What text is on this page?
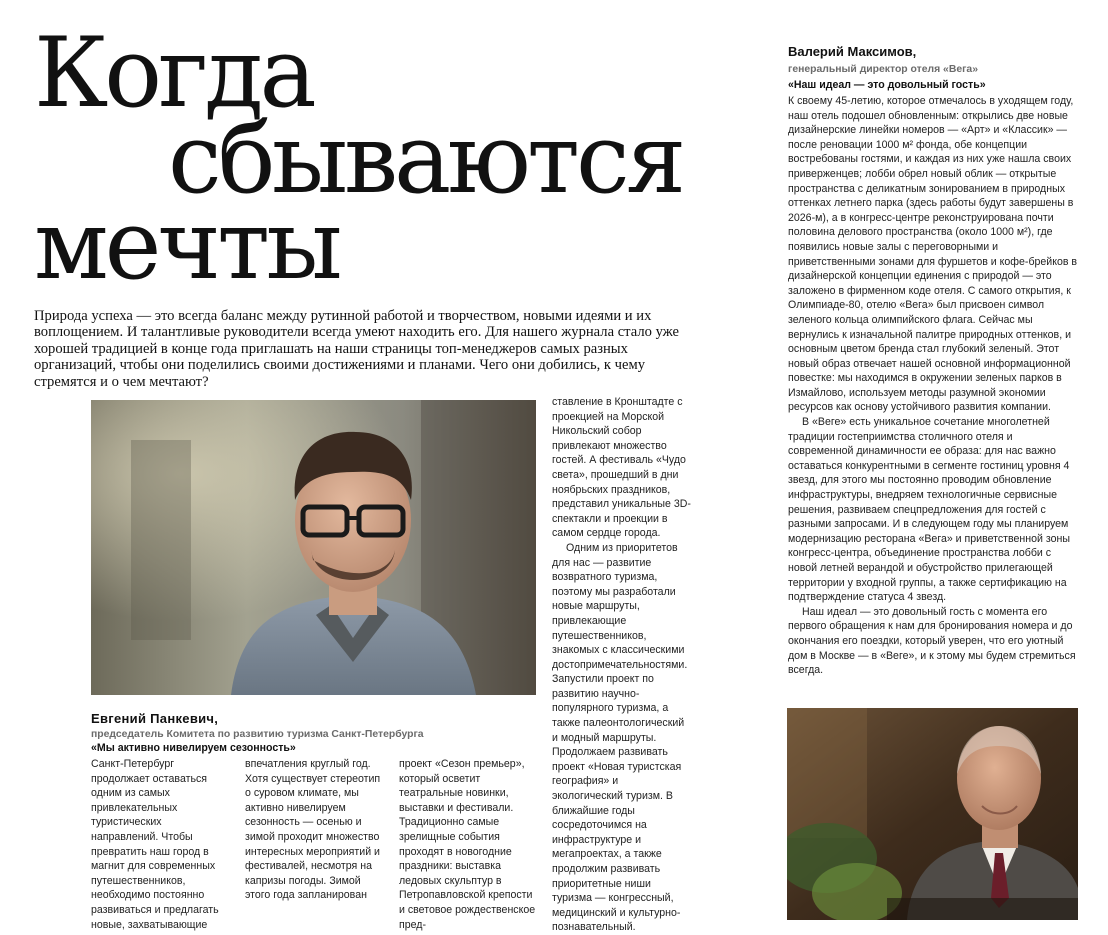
Когда
сбываются
мечты

Природа успеха — это всегда баланс между рутинной работой и творчеством, новыми идеями и их воплощением. И талантливые руководители всегда умеют находить его. Для нашего журнала стало уже хорошей традицией в конце года приглашать на наши страницы топ-менеджеров самых разных организаций, чтобы они поделились своими достижениями и планами. Чего они добились, к чему стремятся и о чем мечтают?

Евгений Панкевич,

председатель Комитета по развитию туризма Санкт-Петербурга

«Мы активно нивелируем сезонность»

Санкт-Петербург продолжает оставаться одним из самых привлекательных туристических направлений. Чтобы превратить наш город в магнит для современных путешественников, необходимо постоянно развиваться и предлагать новые, захватывающие

впечатления круглый год. Хотя существует стереотип о суровом климате, мы активно нивелируем сезонность — осенью и зимой проходит множество интересных мероприятий и фестивалей, несмотря на капризы погоды. Зимой этого года запланирован

проект «Сезон премьер», который осветит театральные новинки, выставки и фестивали. Традиционно самые зрелищные события проходят в новогодние праздники: выставка ледовых скульптур в Петропавловской крепости и световое рождественское пред-

ставление в Кронштадте с проекцией на Морской Никольский собор привлекают множество гостей. А фестиваль «Чудо света», прошедший в дни ноябрьских праздников, представил уникальные 3D-спектакли и проекции в самом сердце города.

Одним из приоритетов для нас — развитие возвратного туризма, поэтому мы разработали новые маршруты, привлекающие путешественников, знакомых с классическими достопримечательностями. Запустили проект по развитию научно-популярного туризма, а также палеонтологический и модный маршруты. Продолжаем развивать проект «Новая туристская география» и экологический туризм. В ближайшие годы сосредоточимся на инфраструктуре и мегапроектах, а также продолжим развивать приоритетные ниши туризма — конгрессный, медицинский и культурно-познавательный.

Валерий Максимов,

генеральный директор отеля «Вега»

«Наш идеал — это довольный гость»

К своему 45-летию, которое отмечалось в уходящем году, наш отель подошел обновленным: открылись две новые дизайнерские линейки номеров — «Арт» и «Классик» — после реновации 1000 м² фонда, обе концепции востребованы гостями, и каждая из них уже нашла своих приверженцев; лобби обрел новый облик — открытые пространства с деликатным зонированием в природных оттенках летнего парка (здесь работы будут завершены в 2026-м), а в конгресс-центре реконструирована почти половина делового пространства (около 1000 м²), где появились новые залы с переговорными и приветственными зонами для фуршетов и кофе-брейков в дизайнерской концепции единения с природой — это заложено в фирменном коде отеля. С самого открытия, к Олимпиаде-80, отелю «Вега» был присвоен символ зеленого кольца олимпийского флага. Сейчас мы вернулись к изначальной палитре природных оттенков, и основным цветом бренда стал глубокий зеленый. Этот новый образ отвечает нашей основной информационной повестке: мы находимся в окружении зеленых парков в Измайлово, используем методы разумной экономии ресурсов как основу устойчивого развития компании.

В «Веге» есть уникальное сочетание многолетней традиции гостеприимства столичного отеля и современной динамичности ее образа: для нас важно оставаться конкурентными в сегменте гостиниц уровня 4 звезд, для этого мы постоянно проводим обновление инфраструктуры, внедряем технологичные сервисные решения, развиваем спецпредложения для гостей с разными запросами. И в следующем году мы планируем модернизацию ресторана «Вега» и приветственной зоны конгресс-центра, объединение пространства лобби с новой летней верандой и обустройство прилегающей территории у входной группы, а также сертификацию на подтверждение статуса 4 звезд.

Наш идеал — это довольный гость с момента его первого обращения к нам для бронирования номера и до окончания его поездки, который уверен, что его уютный дом в Москве — в «Веге», и к этому мы будем стремиться всегда.
